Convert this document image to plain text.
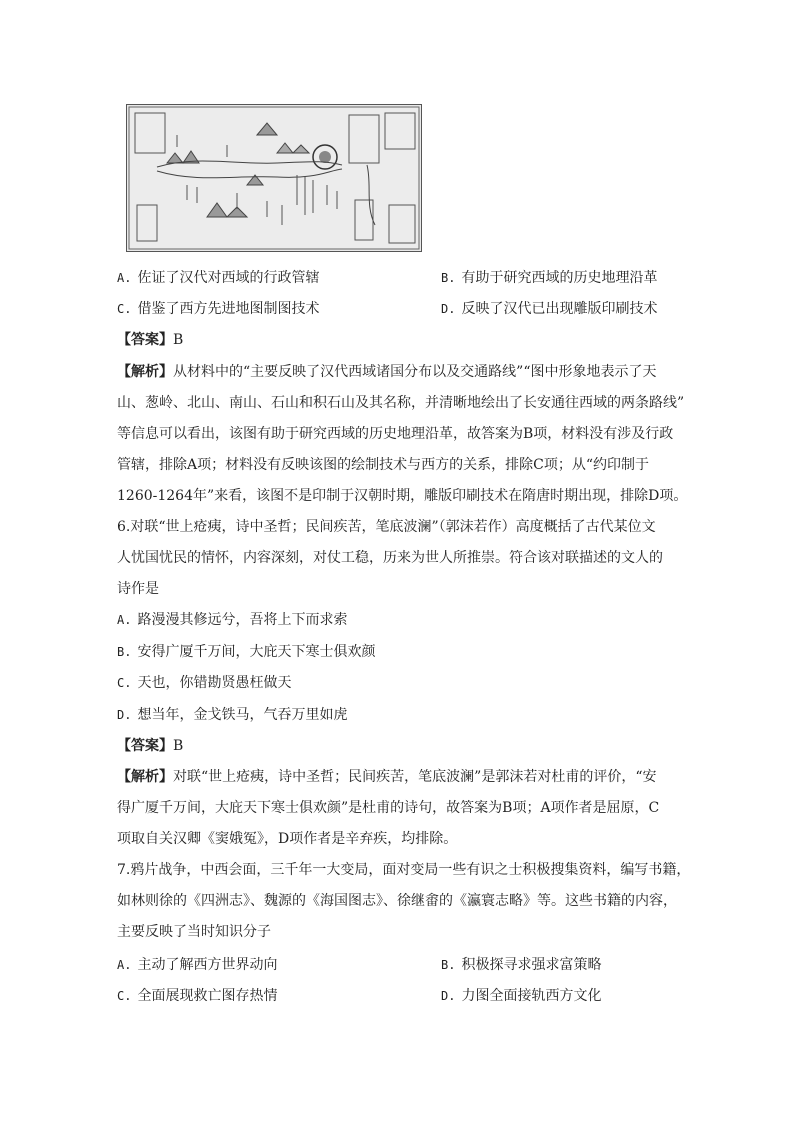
A. 佐证了汉代对西域的行政管辖	B. 有助于研究西域的历史地理沿革
C. 借鉴了西方先进地图制图技术	D. 反映了汉代已出现雕版印刷技术
【答案】B
【解析】从材料中的“主要反映了汉代西域诸国分布以及交通路线”“图中形象地表示了天
山、葱岭、北山、南山、石山和积石山及其名称，并清晰地绘出了长安通往西域的两条路线”
等信息可以看出，该图有助于研究西域的历史地理沿革，故答案为B项，材料没有涉及行政
管辖，排除A项；材料没有反映该图的绘制技术与西方的关系，排除C项；从“约印制于
1260-1264年”来看，该图不是印制于汉朝时期，雕版印刷技术在隋唐时期出现，排除D项。
6.对联“世上疮痍，诗中圣哲；民间疾苦，笔底波澜”（郭沫若作）高度概括了古代某位文
人忧国忧民的情怀，内容深刻，对仗工稳，历来为世人所推崇。符合该对联描述的文人的
诗作是
A. 路漫漫其修远兮，吾将上下而求索
B. 安得广厦千万间，大庇天下寒士俱欢颜
C. 天也，你错勘贤愚枉做天
D. 想当年，金戈铁马，气吞万里如虎
【答案】B
【解析】对联“世上疮痍，诗中圣哲；民间疾苦，笔底波澜”是郭沫若对杜甫的评价，“安
得广厦千万间，大庇天下寒士俱欢颜”是杜甫的诗句，故答案为B项；A项作者是屈原，C
项取自关汉卿《窦娥冤》，D项作者是辛弃疾，均排除。
7.鸦片战争，中西会面，三千年一大变局，面对变局一些有识之士积极搜集资料，编写书籍，
如林则徐的《四洲志》、魏源的《海国图志》、徐继畬的《瀛寰志略》等。这些书籍的内容，
主要反映了当时知识分子
A. 主动了解西方世界动向	B. 积极探寻求强求富策略
C. 全面展现救亡图存热情	D. 力图全面接轨西方文化
